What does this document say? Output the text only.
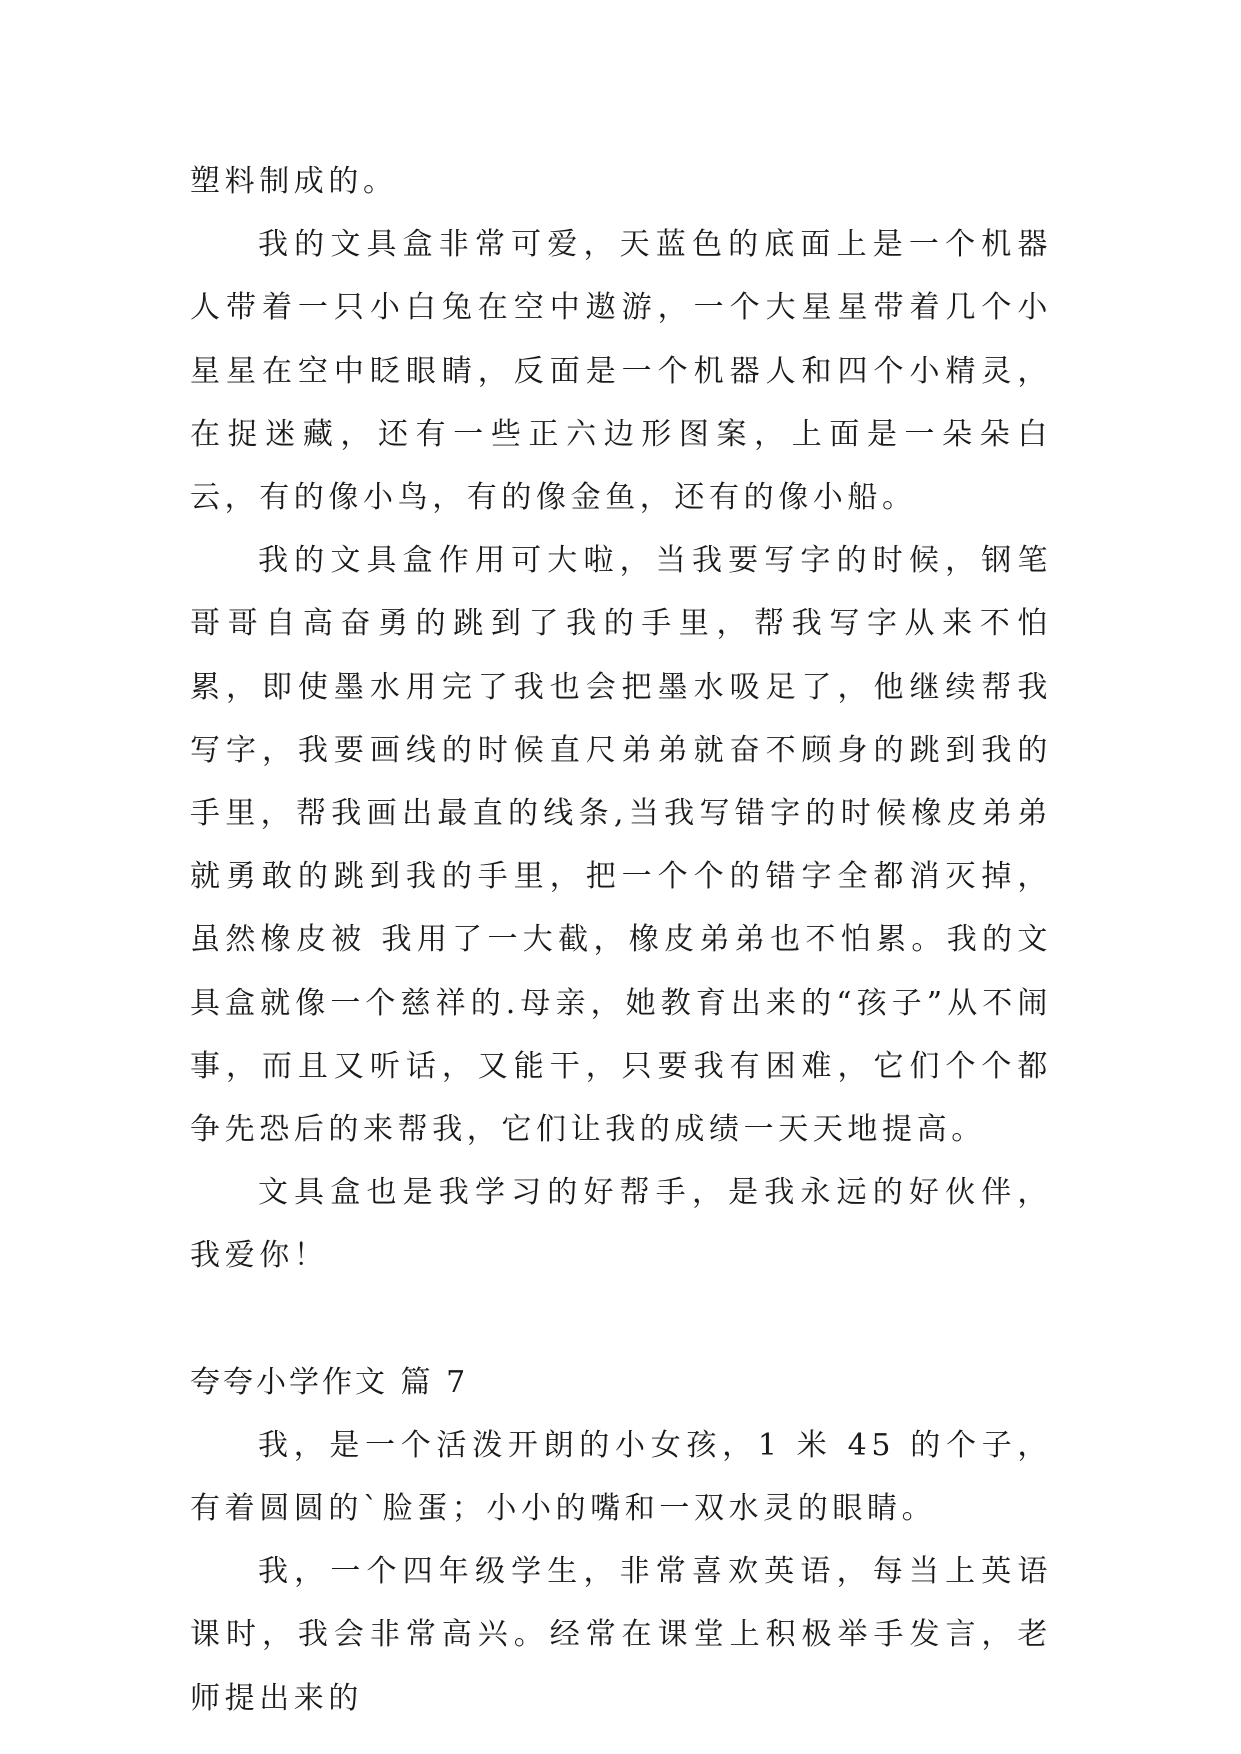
塑料制成的。

我的文具盒非常可爱，天蓝色的底面上是一个机器人带着一只小白兔在空中遨游，一个大星星带着几个小星星在空中眨眼睛，反面是一个机器人和四个小精灵，在捉迷藏，还有一些正六边形图案，上面是一朵朵白云，有的像小鸟，有的像金鱼，还有的像小船。

我的文具盒作用可大啦，当我要写字的时候，钢笔哥哥自高奋勇的跳到了我的手里，帮我写字从来不怕累，即使墨水用完了我也会把墨水吸足了，他继续帮我写字，我要画线的时候直尺弟弟就奋不顾身的跳到我的手里，帮我画出最直的线条,当我写错字的时候橡皮弟弟就勇敢的跳到我的手里，把一个个的错字全都消灭掉，虽然橡皮被 我用了一大截，橡皮弟弟也不怕累。我的文具盒就像一个慈祥的.母亲，她教育出来的“孩子”从不闹事，而且又听话，又能干，只要我有困难，它们个个都争先恐后的来帮我，它们让我的成绩一天天地提高。

文具盒也是我学习的好帮手，是我永远的好伙伴，我爱你！

夸夸小学作文 篇 7

我，是一个活泼开朗的小女孩，1 米 45 的个子，有着圆圆的`脸蛋；小小的嘴和一双水灵的眼睛。

我，一个四年级学生，非常喜欢英语，每当上英语课时，我会非常高兴。经常在课堂上积极举手发言，老师提出来的
